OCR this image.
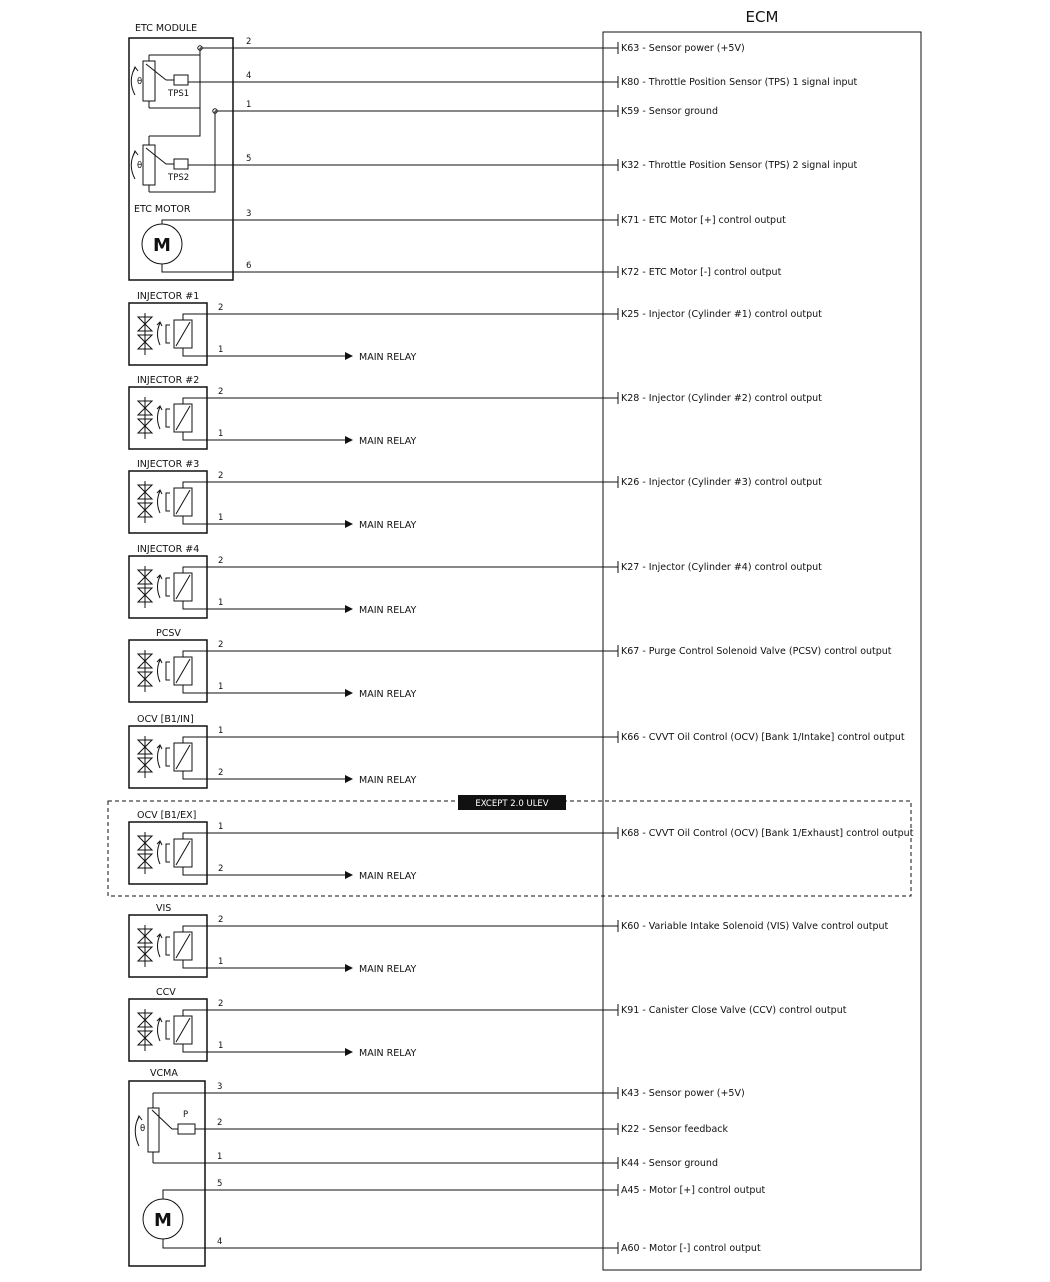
ECM
ETC MODULE
2
K63 - Sensor power (+5V)
4
K80 - Throttle Position Sensor (TPS) 1 signal input
1
K59 - Sensor ground
5
K32 - Throttle Position Sensor (TPS) 2 signal input
3
K71 - ETC Motor [+] control output
6
K72 - ETC Motor [-] control output
θ
TPS1
θ
TPS2
ETC MOTOR
M
INJECTOR #1
2
K25 - Injector (Cylinder #1) control output
1
MAIN RELAY
INJECTOR #2
2
K28 - Injector (Cylinder #2) control output
1
MAIN RELAY
INJECTOR #3
2
K26 - Injector (Cylinder #3) control output
1
MAIN RELAY
INJECTOR #4
2
K27 - Injector (Cylinder #4) control output
1
MAIN RELAY
PCSV
2
K67 - Purge Control Solenoid Valve (PCSV) control output
1
MAIN RELAY
OCV [B1/IN]
1
K66 - CVVT Oil Control (OCV) [Bank 1/Intake] control output
2
MAIN RELAY
OCV [B1/EX]
1
K68 - CVVT Oil Control (OCV) [Bank 1/Exhaust] control output
2
MAIN RELAY
VIS
2
K60 - Variable Intake Solenoid (VIS) Valve control output
1
MAIN RELAY
CCV
2
K91 - Canister Close Valve (CCV) control output
1
MAIN RELAY
EXCEPT 2.0 ULEV
VCMA
θ
P
M
3
K43 - Sensor power (+5V)
2
K22 - Sensor feedback
1
K44 - Sensor ground
5
A45 - Motor [+] control output
4
A60 - Motor [-] control output
